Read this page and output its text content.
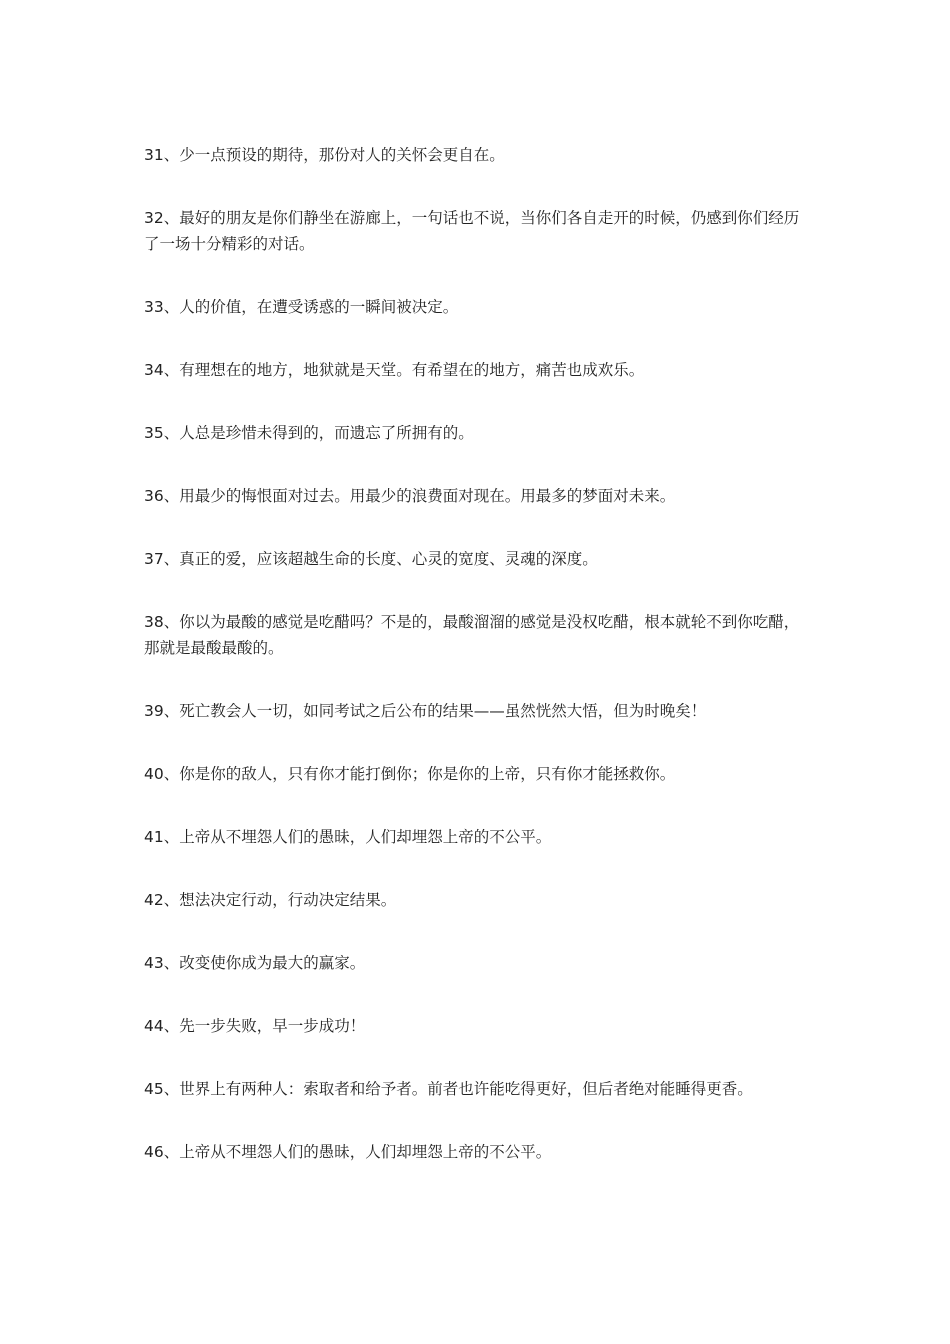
31、少一点预设的期待，那份对人的关怀会更自在。

32、最好的朋友是你们静坐在游廊上，一句话也不说，当你们各自走开的时候，仍感到你们经历了一场十分精彩的对话。

33、人的价值，在遭受诱惑的一瞬间被决定。

34、有理想在的地方，地狱就是天堂。有希望在的地方，痛苦也成欢乐。

35、人总是珍惜未得到的，而遗忘了所拥有的。

36、用最少的悔恨面对过去。用最少的浪费面对现在。用最多的梦面对未来。

37、真正的爱，应该超越生命的长度、心灵的宽度、灵魂的深度。

38、你以为最酸的感觉是吃醋吗？不是的，最酸溜溜的感觉是没权吃醋，根本就轮不到你吃醋，那就是最酸最酸的。

39、死亡教会人一切，如同考试之后公布的结果——虽然恍然大悟，但为时晚矣！

40、你是你的敌人，只有你才能打倒你；你是你的上帝，只有你才能拯救你。

41、上帝从不埋怨人们的愚昧，人们却埋怨上帝的不公平。

42、想法决定行动，行动决定结果。

43、改变使你成为最大的赢家。

44、先一步失败，早一步成功！

45、世界上有两种人：索取者和给予者。前者也许能吃得更好，但后者绝对能睡得更香。

46、上帝从不埋怨人们的愚昧，人们却埋怨上帝的不公平。
